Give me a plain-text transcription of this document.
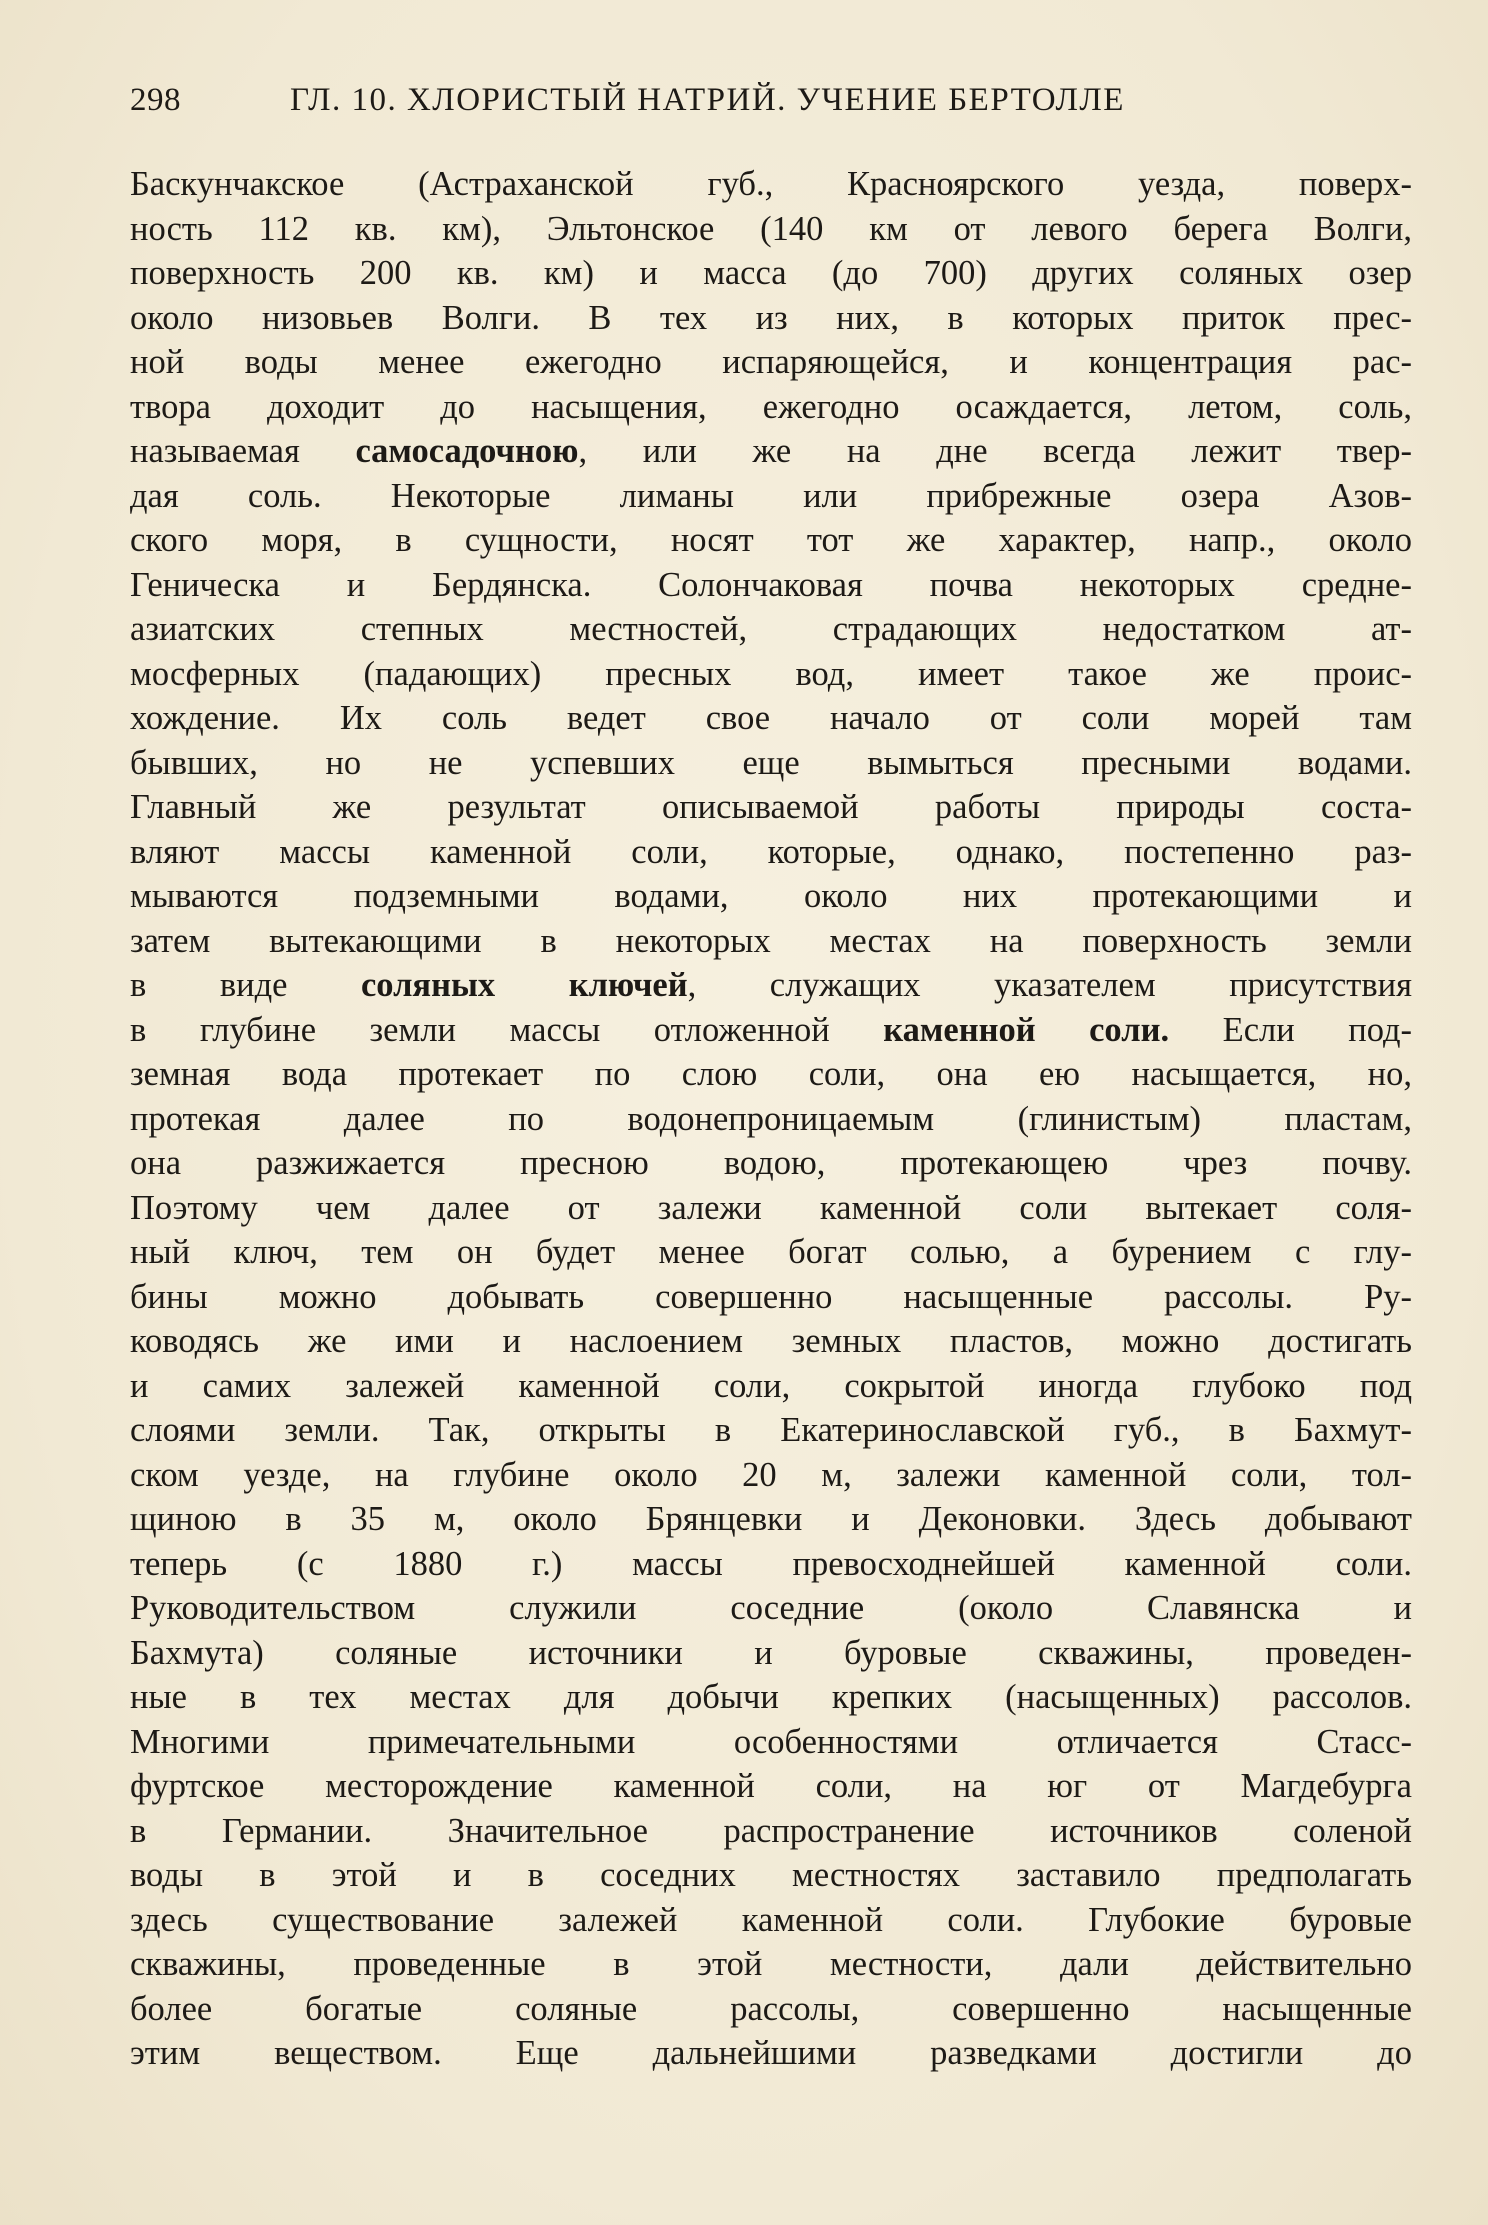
298	ГЛ. 10. ХЛОРИСТЫЙ НАТРИЙ. УЧЕНИЕ БЕРТОЛЛЕ
Баскунчакское (Астраханской губ., Красноярского уезда, поверх-
ность 112 кв. км), Эльтонское (140 км от левого берега Волги,
поверхность 200 кв. км) и масса (до 700) других соляных озер
около низовьев Волги. В тех из них, в которых приток прес-
ной воды менее ежегодно испаряющейся, и концентрация рас-
твора доходит до насыщения, ежегодно осаждается, летом, соль,
называемая самосадочною, или же на дне всегда лежит твер-
дая соль. Некоторые лиманы или прибрежные озера Азов-
ского моря, в сущности, носят тот же характер, напр., около
Геническа и Бердянска. Солончаковая почва некоторых средне-
азиатских степных местностей, страдающих недостатком ат-
мосферных (падающих) пресных вод, имеет такое же проис-
хождение. Их соль ведет свое начало от соли морей там
бывших, но не успевших еще вымыться пресными водами.
Главный же результат описываемой работы природы соста-
вляют массы каменной соли, которые, однако, постепенно раз-
мываются подземными водами, около них протекающими и
затем вытекающими в некоторых местах на поверхность земли
в виде соляных ключей, служащих указателем присутствия
в глубине земли массы отложенной каменной соли. Если под-
земная вода протекает по слою соли, она ею насыщается, но,
протекая далее по водонепроницаемым (глинистым) пластам,
она разжижается пресною водою, протекающею чрез почву.
Поэтому чем далее от залежи каменной соли вытекает соля-
ный ключ, тем он будет менее богат солью, а бурением с глу-
бины можно добывать совершенно насыщенные рассолы. Ру-
ководясь же ими и наслоением земных пластов, можно достигать
и самих залежей каменной соли, сокрытой иногда глубоко под
слоями земли. Так, открыты в Екатеринославской губ., в Бахмут-
ском уезде, на глубине около 20 м, залежи каменной соли, тол-
щиною в 35 м, около Брянцевки и Деконовки. Здесь добывают
теперь (с 1880 г.) массы превосходнейшей каменной соли.
Руководительством служили соседние (около Славянска и
Бахмута) соляные источники и буровые скважины, проведен-
ные в тех местах для добычи крепких (насыщенных) рассолов.
Многими примечательными особенностями отличается Стасс-
фуртское месторождение каменной соли, на юг от Магдебурга
в Германии. Значительное распространение источников соленой
воды в этой и в соседних местностях заставило предполагать
здесь существование залежей каменной соли. Глубокие буровые
скважины, проведенные в этой местности, дали действительно
более богатые соляные рассолы, совершенно насыщенные
этим веществом. Еще дальнейшими разведками достигли до
